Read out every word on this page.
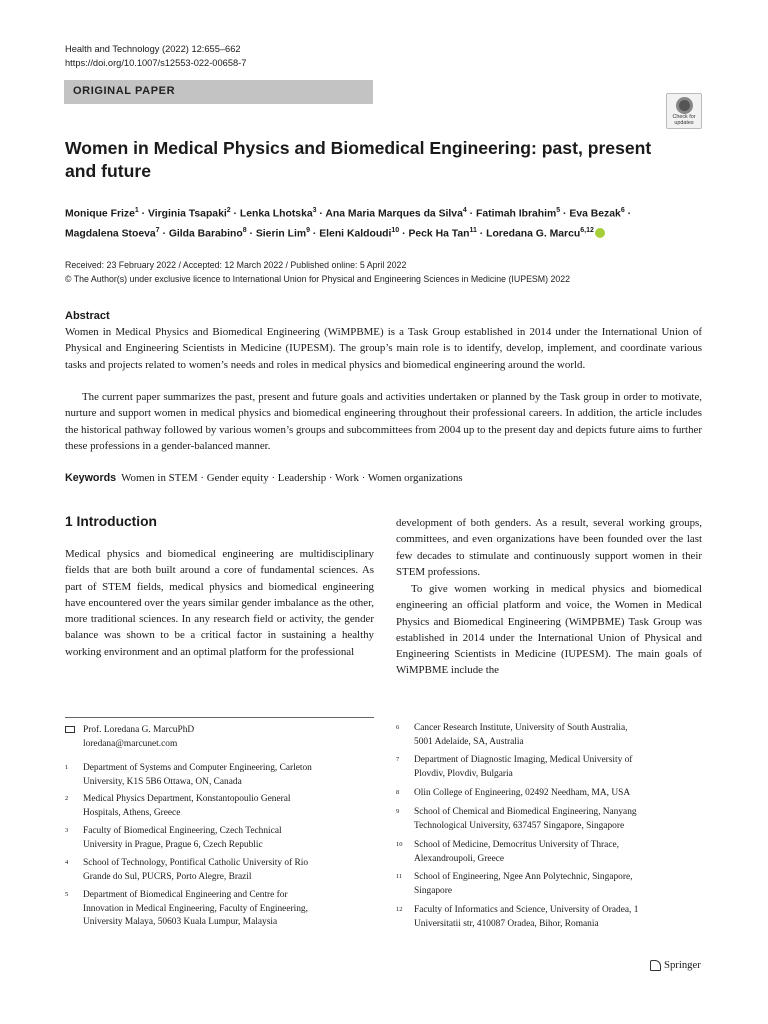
Health and Technology (2022) 12:655–662
https://doi.org/10.1007/s12553-022-00658-7
ORIGINAL PAPER
Check for updates
Women in Medical Physics and Biomedical Engineering: past, present and future
Monique Frize$^1$ · Virginia Tsapaki$^2$ · Lenka Lhotska$^3$ · Ana Maria Marques da Silva$^4$ · Fatimah Ibrahim$^5$ · Eva Bezak$^6$ ·
Magdalena Stoeva$^7$ · Gilda Barabino$^8$ · Sierin Lim$^9$ · Eleni Kaldoudi$^{10}$ · Peck Ha Tan$^{11}$ · Loredana G. Marcu$^{6,12}$
Received: 23 February 2022 / Accepted: 12 March 2022 / Published online: 5 April 2022
© The Author(s) under exclusive licence to International Union for Physical and Engineering Sciences in Medicine (IUPESM) 2022
Abstract
Women in Medical Physics and Biomedical Engineering (WiMPBME) is a Task Group established in 2014 under the International Union of Physical and Engineering Scientists in Medicine (IUPESM). The group’s main role is to identify, develop, implement, and coordinate various tasks and projects related to women’s needs and roles in medical physics and biomedical engineering around the world.
The current paper summarizes the past, present and future goals and activities undertaken or planned by the Task group in order to motivate, nurture and support women in medical physics and biomedical engineering throughout their professional careers. In addition, the article includes the historical pathway followed by various women’s groups and subcommittees from 2004 up to the present day and depicts future aims to further these professions in a gender-balanced manner.
Keywords Women in STEM · Gender equity · Leadership · Work · Women organizations
1 Introduction
Medical physics and biomedical engineering are multidisciplinary fields that are both built around a core of fundamental sciences. As part of STEM fields, medical physics and biomedical engineering have encountered over the years similar gender imbalance as the other, more traditional sciences. In any research field or activity, the gender balance was shown to be a critical factor in sustaining a healthy working environment and an optimal platform for the professional
development of both genders. As a result, several working groups, committees, and even organizations have been founded over the last few decades to stimulate and continuously support women in their STEM professions.
To give women working in medical physics and biomedical engineering an official platform and voice, the Women in Medical Physics and Biomedical Engineering (WiMPBME) Task Group was established in 2014 under the International Union of Physical and Engineering Scientists in Medicine (IUPESM). The main goals of WiMPBME include the
Prof. Loredana G. MarcuPhD
loredana@marcunet.com
1 Department of Systems and Computer Engineering, Carleton
University, K1S 5B6 Ottawa, ON, Canada
2 Medical Physics Department, Konstantopoulio General
Hospitals, Athens, Greece
3 Faculty of Biomedical Engineering, Czech Technical
University in Prague, Prague 6, Czech Republic
4 School of Technology, Pontifical Catholic University of Rio
Grande do Sul, PUCRS, Porto Alegre, Brazil
5 Department of Biomedical Engineering and Centre for
Innovation in Medical Engineering, Faculty of Engineering,
University Malaya, 50603 Kuala Lumpur, Malaysia
6 Cancer Research Institute, University of South Australia,
5001 Adelaide, SA, Australia
7 Department of Diagnostic Imaging, Medical University of
Plovdiv, Plovdiv, Bulgaria
8 Olin College of Engineering, 02492 Needham, MA, USA
9 School of Chemical and Biomedical Engineering, Nanyang
Technological University, 637457 Singapore, Singapore
10 School of Medicine, Democritus University of Thrace,
Alexandroupoli, Greece
11 School of Engineering, Ngee Ann Polytechnic, Singapore,
Singapore
12 Faculty of Informatics and Science, University of Oradea, 1
Universitatii str, 410087 Oradea, Bihor, Romania
Springer
